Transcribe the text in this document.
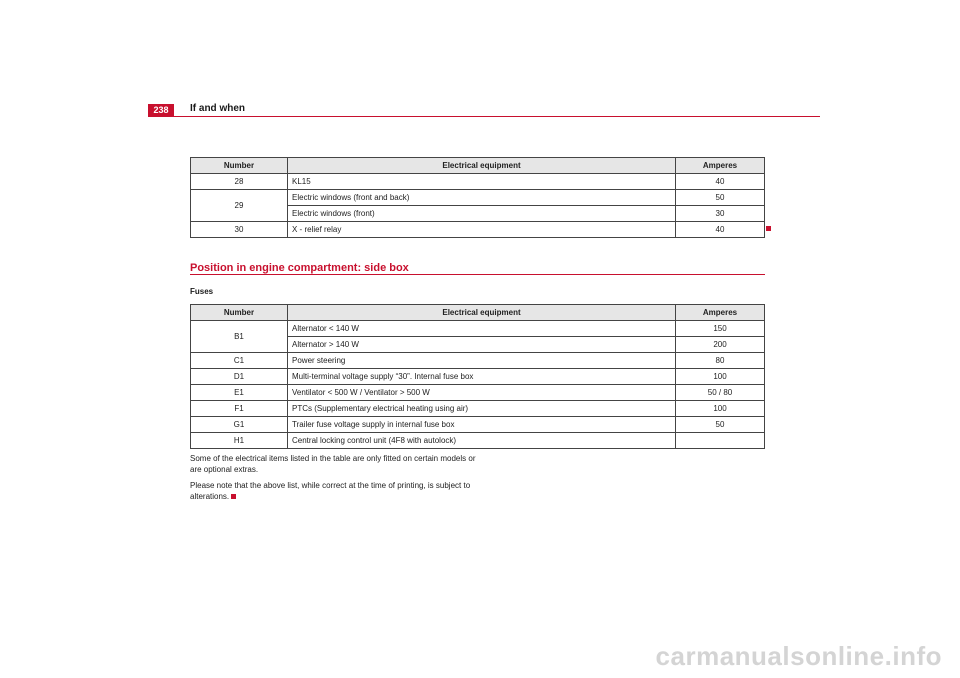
238	If and when
Number	Electrical equipment	Amperes
28	KL15	40
29	Electric windows (front and back)	50
	Electric windows (front)	30
30	X - relief relay	40
Position in engine compartment: side box
Fuses
Number	Electrical equipment	Amperes
B1	Alternator < 140 W	150
	Alternator > 140 W	200
C1	Power steering	80
D1	Multi-terminal voltage supply “30”. Internal fuse box	100
E1	Ventilator < 500 W / Ventilator > 500 W	50 / 80
F1	PTCs (Supplementary electrical heating using air)	100
G1	Trailer fuse voltage supply in internal fuse box	50
H1	Central locking control unit (4F8 with autolock)	
Some of the electrical items listed in the table are only fitted on certain models or are optional extras.
Please note that the above list, while correct at the time of printing, is subject to alterations.
carmanualsonline.info
